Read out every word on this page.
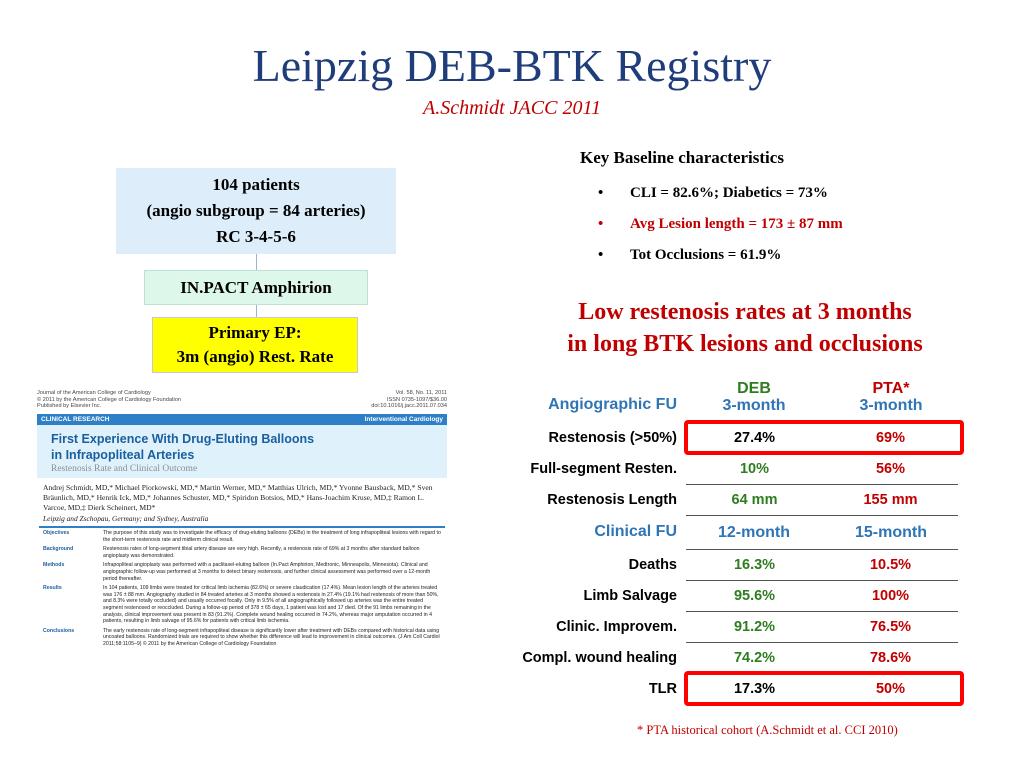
Leipzig DEB-BTK Registry
A.Schmidt JACC 2011
104 patients
(angio subgroup = 84 arteries)
RC 3-4-5-6
IN.PACT Amphirion
Primary EP:
3m (angio) Rest. Rate
Key Baseline characteristics
• CLI = 82.6%; Diabetics = 73%
• Avg Lesion length = 173 ± 87 mm
• Tot Occlusions = 61.9%
Low restenosis rates at 3 months
in long BTK lesions and occlusions
Journal of the American College of Cardiology
© 2011 by the American College of Cardiology Foundation
Published by Elsevier Inc.
Vol. 58, No. 11, 2011
ISSN 0735-1097/$36.00
doi:10.1016/j.jacc.2011.07.034
CLINICAL RESEARCH	Interventional Cardiology
First Experience With Drug-Eluting Balloons
in Infrapopliteal Arteries
Restenosis Rate and Clinical Outcome
Andrej Schmidt, MD,* Michael Piorkowski, MD,* Martin Werner, MD,* Matthias Ulrich, MD,* Yvonne Bausback, MD,* Sven Bräunlich, MD,* Henrik Ick, MD,* Johannes Schuster, MD,* Spiridon Botsios, MD,* Hans-Joachim Kruse, MD,‡ Ramon L. Varcoe, MD,‡ Dierk Scheinert, MD*
Leipzig and Zschopau, Germany; and Sydney, Australia
Objectives	The purpose of this study was to investigate the efficacy of drug-eluting balloons (DEBs) in the treatment of long infrapopliteal lesions with regard to the short-term restenosis rate and midterm clinical result.
Background	Restenosis rates of long-segment tibial artery disease are very high. Recently, a restenosis rate of 69% at 3 months after standard balloon angioplasty was demonstrated.
Methods	Infrapopliteal angioplasty was performed with a paclitaxel-eluting balloon (In.Pact Amphirion, Medtronic, Minneapolis, Minnesota). Clinical and angiographic follow-up was performed at 3 months to detect binary restenosis, and further clinical assessment was performed over a 12-month period thereafter.
Results	In 104 patients, 109 limbs were treated for critical limb ischemia (82.6%) or severe claudication (17.4%). Mean lesion length of the arteries treated was 176 ± 88 mm. Angiography studied in 84 treated arteries at 3 months showed a restenosis in 27.4% (19.1% had restenosis of more than 50%, and 8.3% were totally occluded) and usually occurred focally. Only in 9.5% of all angiographically followed up arteries was the entire treated segment restenosed or reoccluded. During a follow-up period of 378 ± 65 days, 1 patient was lost and 17 died. Of the 91 limbs remaining in the analysis, clinical improvement was present in 83 (91.2%). Complete wound healing occurred in 74.2%, whereas major amputation occurred in 4 patients, resulting in limb salvage of 95.6% for patients with critical limb ischemia.
Conclusions	The early restenosis rate of long-segment infrapopliteal disease is significantly lower after treatment with DEBs compared with historical data using uncoated balloons. Randomized trials are required to show whether this difference will lead to improvement in clinical outcomes. (J Am Coll Cardiol 2011;58:1105–9) © 2011 by the American College of Cardiology Foundation
DEB	PTA*
3-month	3-month
Angiographic FU
Restenosis (>50%)	27.4%	69%
Full-segment Resten.	10%	56%
Restenosis Length	64 mm	155 mm
Clinical FU	12-month	15-month
Deaths	16.3%	10.5%
Limb Salvage	95.6%	100%
Clinic. Improvem.	91.2%	76.5%
Compl. wound healing	74.2%	78.6%
TLR	17.3%	50%
* PTA historical cohort (A.Schmidt et al. CCI 2010)
